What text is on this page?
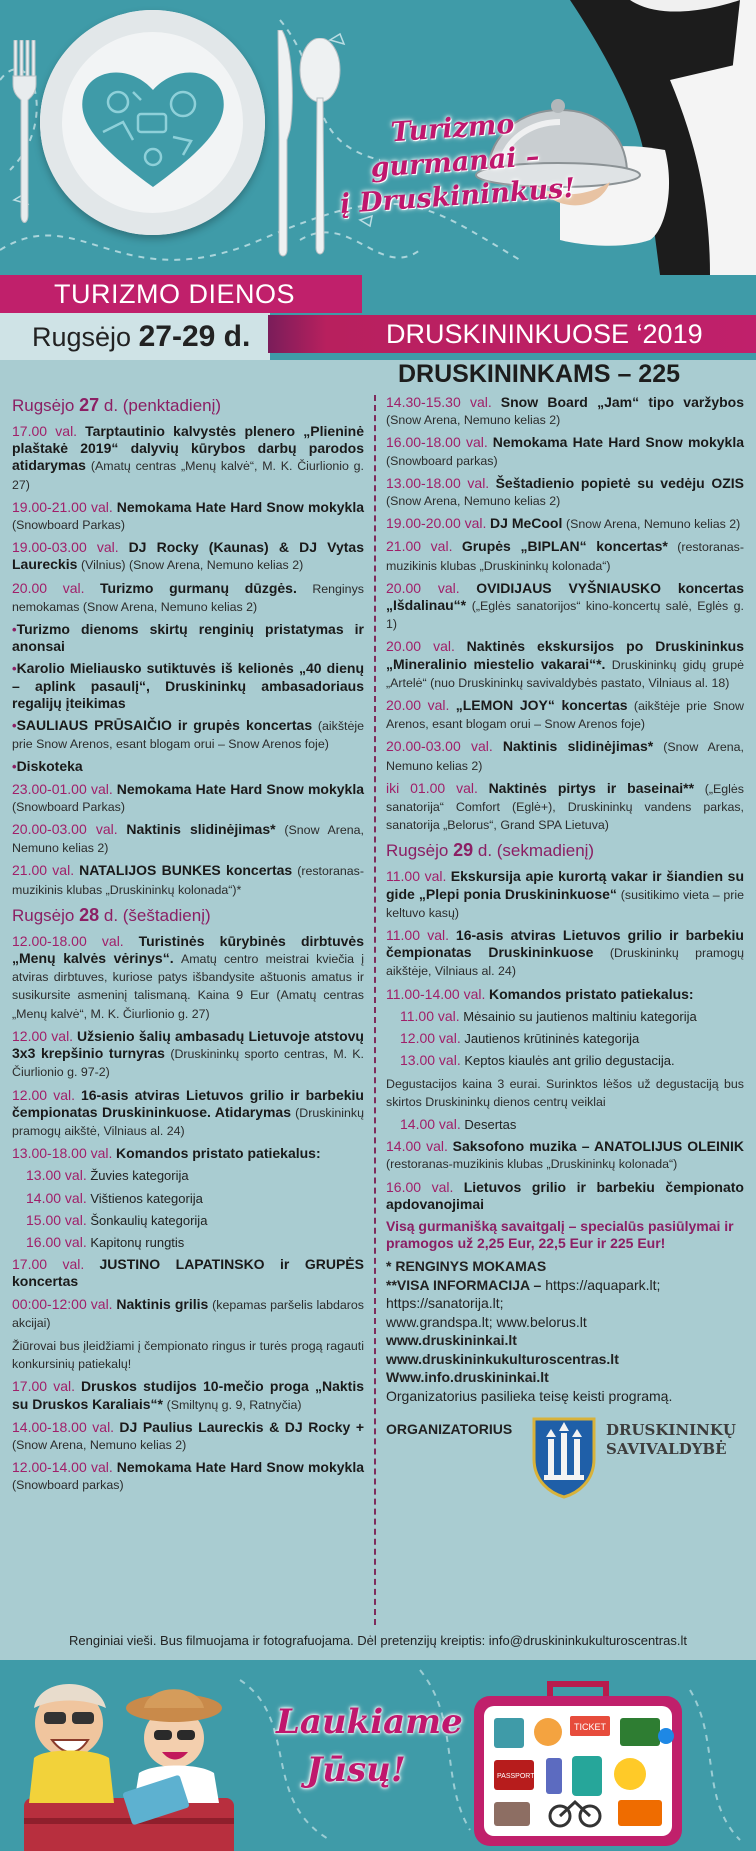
Turizmo gurmanai –
į Druskininkus!
TURIZMO DIENOS
Rugsėjo 27-29 d.	DRUSKININKUOSE ‘2019
DRUSKININKAMS – 225
Rugsėjo 27 d. (penktadienį)
17.00 val. Tarptautinio kalvystės plenero „Plieninė plaštakė 2019“ dalyvių kūrybos darbų parodos atidarymas (Amatų centras „Menų kalvė“, M. K. Čiurlionio g. 27)
19.00-21.00 val. Nemokama Hate Hard Snow mokykla (Snowboard Parkas)
19.00-03.00 val. DJ Rocky (Kaunas) & DJ Vytas Laureckis (Vilnius) (Snow Arena, Nemuno kelias 2)
20.00 val. Turizmo gurmanų dūzgės. Renginys nemokamas (Snow Arena, Nemuno kelias 2)
• Turizmo dienoms skirtų renginių pristatymas ir anonsai
• Karolio Mieliausko sutiktuvės iš kelionės „40 dienų – aplink pasaulį“, Druskininkų ambasadoriaus regalijų įteikimas
• SAULIAUS PRŪSAIČIO ir grupės koncertas (aikštėje prie Snow Arenos, esant blogam orui – Snow Arenos foje)
• Diskoteka
23.00-01.00 val. Nemokama Hate Hard Snow mokykla (Snowboard Parkas)
20.00-03.00 val. Naktinis slidinėjimas* (Snow Arena, Nemuno kelias 2)
21.00 val. NATALIJOS BUNKES koncertas (restoranas-muzikinis klubas „Druskininkų kolonada“)*
Rugsėjo 28 d. (šeštadienį)
12.00-18.00 val. Turistinės kūrybinės dirbtuvės „Menų kalvės vėrinys“. Amatų centro meistrai kviečia į atviras dirbtuves, kuriose patys išbandysite aštuonis amatus ir susikursite asmeninį talismaną. Kaina 9 Eur (Amatų centras „Menų kalvė“, M. K. Čiurlionio g. 27)
12.00 val. Užsienio šalių ambasadų Lietuvoje atstovų 3x3 krepšinio turnyras (Druskininkų sporto centras, M. K. Čiurlionio g. 97-2)
12.00 val. 16-asis atviras Lietuvos grilio ir barbekiu čempionatas Druskininkuose. Atidarymas (Druskininkų pramogų aikštė, Vilniaus al. 24)
13.00-18.00 val. Komandos pristato patiekalus:
13.00 val. Žuvies kategorija
14.00 val. Vištienos kategorija
15.00 val. Šonkaulių kategorija
16.00 val. Kapitonų rungtis
17.00 val. JUSTINO LAPATINSKO ir GRUPĖS koncertas
00:00-12:00 val. Naktinis grilis (kepamas paršelis labdaros akcijai)
Žiūrovai bus įleidžiami į čempionato ringus ir turės progą ragauti konkursinių patiekalų!
17.00 val. Druskos studijos 10-mečio proga „Naktis su Druskos Karaliais“* (Smiltynų g. 9, Ratnyčia)
14.00-18.00 val. DJ Paulius Laureckis & DJ Rocky + (Snow Arena, Nemuno kelias 2)
12.00-14.00 val. Nemokama Hate Hard Snow mokykla (Snowboard parkas)
14.30-15.30 val. Snow Board „Jam“ tipo varžybos (Snow Arena, Nemuno kelias 2)
16.00-18.00 val. Nemokama Hate Hard Snow mokykla (Snowboard parkas)
13.00-18.00 val. Šeštadienio popietė su vedėju OZIS (Snow Arena, Nemuno kelias 2)
19.00-20.00 val. DJ MeCool (Snow Arena, Nemuno kelias 2)
21.00 val. Grupės „BIPLAN“ koncertas* (restoranas-muzikinis klubas „Druskininkų kolonada“)
20.00 val. OVIDIJAUS VYŠNIAUSKO koncertas „Išdalinau“* („Eglės sanatorijos“ kino-koncertų salė, Eglės g. 1)
20.00 val. Naktinės ekskursijos po Druskininkus „Mineralinio miestelio vakarai“*. Druskininkų gidų grupė „Artelė“ (nuo Druskininkų savivaldybės pastato, Vilniaus al. 18)
20.00 val. „LEMON JOY“ koncertas (aikštėje prie Snow Arenos, esant blogam orui – Snow Arenos foje)
20.00-03.00 val. Naktinis slidinėjimas* (Snow Arena, Nemuno kelias 2)
iki 01.00 val. Naktinės pirtys ir baseinai** („Eglės sanatorija“ Comfort (Eglė+), Druskininkų vandens parkas, sanatorija „Belorus“, Grand SPA Lietuva)
Rugsėjo 29 d. (sekmadienį)
11.00 val. Ekskursija apie kurortą vakar ir šiandien su gide „Plepi ponia Druskininkuose“ (susitikimo vieta – prie keltuvo kasų)
11.00 val. 16-asis atviras Lietuvos grilio ir barbekiu čempionatas Druskininkuose (Druskininkų pramogų aikštėje, Vilniaus al. 24)
11.00-14.00 val. Komandos pristato patiekalus:
11.00 val. Mėsainio su jautienos maltiniu kategorija
12.00 val. Jautienos krūtininės kategorija
13.00 val. Keptos kiaulės ant grilio degustacija.
Degustacijos kaina 3 eurai. Surinktos lėšos už degustaciją bus skirtos Druskininkų dienos centrų veiklai
14.00 val. Desertas
14.00 val. Saksofono muzika – ANATOLIJUS OLEINIK (restoranas-muzikinis klubas „Druskininkų kolonada“)
16.00 val. Lietuvos grilio ir barbekiu čempionato apdovanojimai
Visą gurmanišką savaitgalį – specialūs pasiūlymai ir pramogos už 2,25 Eur, 22,5 Eur ir 225 Eur!
* RENGINYS MOKAMAS
**VISA INFORMACIJA – https://aquapark.lt;
https://sanatorija.lt;
www.grandspa.lt; www.belorus.lt
www.druskininkai.lt
www.druskininkukulturoscentras.lt
Www.info.druskininkai.lt
Organizatorius pasilieka teisę keisti programą.
ORGANIZATORIUS	DRUSKININKŲ
SAVIVALDYBĖ
Renginiai vieši. Bus filmuojama ir fotografuojama. Dėl pretenzijų kreiptis: info@druskininkukulturoscentras.lt
Laukiame
Jūsų!
TICKET
PASSPORT
